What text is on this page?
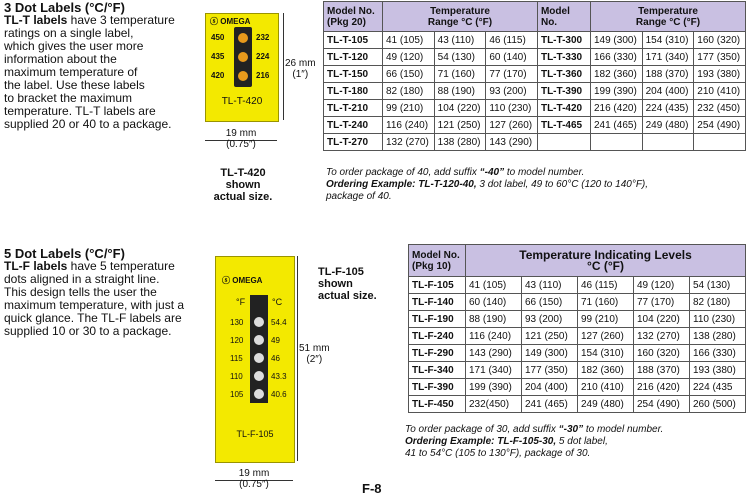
3 Dot Labels (°C/°F)
TL-T labels have 3 temperature
ratings on a single label,
which gives the user more
information about the
maximum temperature of
the label. Use these labels
to bracket the maximum
temperature. TL-T labels are
supplied 20 or 40 to a package.
ⓢ OMEGA
450
435
420
232
224
216
TL-T-420
26 mm
(1″)
19 mm
(0.75″)
TL-T-420
shown
actual size.
Model No.
(Pkg 20)	Temperature
Range °C (°F)			Model
No.	Temperature
Range °C (°F)		
TL-T-105	41 (105)	43 (110)	46 (115)	TL-T-300	149 (300)	154 (310)	160 (320)
TL-T-120	49 (120)	54 (130)	60 (140)	TL-T-330	166 (330)	171 (340)	177 (350)
TL-T-150	66 (150)	71 (160)	77 (170)	TL-T-360	182 (360)	188 (370)	193 (380)
TL-T-180	82 (180)	88 (190)	93 (200)	TL-T-390	199 (390)	204 (400)	210 (410)
TL-T-210	99 (210)	104 (220)	110 (230)	TL-T-420	216 (420)	224 (435)	232 (450)
TL-T-240	116 (240)	121 (250)	127 (260)	TL-T-465	241 (465)	249 (480)	254 (490)
TL-T-270	132 (270)	138 (280)	143 (290)				
To order package of 40, add suffix “-40” to model number.
Ordering Example: TL-T-120-40, 3 dot label, 49 to 60°C (120 to 140°F),
package of 40.
5 Dot Labels (°C/°F)
TL-F labels have 5 temperature
dots aligned in a straight line.
This design tells the user the
maximum temperature, with just a
quick glance. The TL-F labels are
supplied 10 or 30 to a package.
ⓢ OMEGA
°F	°C
130
120
115
110
105
54.4
49
46
43.3
40.6
TL-F-105
TL-F-105
shown
actual size.
51 mm
(2″)
19 mm
(0.75″)
Model No.
(Pkg 10)	Temperature Indicating Levels
°C (°F)				
TL-F-105	41 (105)	43 (110)	46 (115)	49 (120)	54 (130)
TL-F-140	60 (140)	66 (150)	71 (160)	77 (170)	82 (180)
TL-F-190	88 (190)	93 (200)	99 (210)	104 (220)	110 (230)
TL-F-240	116 (240)	121 (250)	127 (260)	132 (270)	138 (280)
TL-F-290	143 (290)	149 (300)	154 (310)	160 (320)	166 (330)
TL-F-340	171 (340)	177 (350)	182 (360)	188 (370)	193 (380)
TL-F-390	199 (390)	204 (400)	210 (410)	216 (420)	224 (435
TL-F-450	232(450)	241 (465)	249 (480)	254 (490)	260 (500)
To order package of 30, add suffix “-30” to model number.
Ordering Example: TL-F-105-30, 5 dot label,
41 to 54°C (105 to 130°F), package of 30.
F-8
